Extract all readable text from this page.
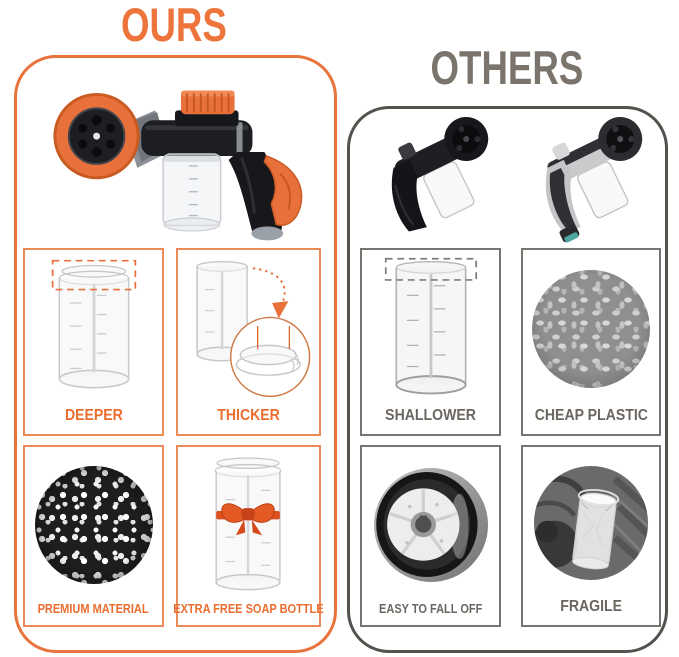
OURS
DEEPER	THICKER
PREMIUM MATERIAL EXTRA FREE SOAP BOTTLE
OTHERS
SHALLOWER	CHEAP PLASTIC
EASY TO FALL OFF	FRAGILE
